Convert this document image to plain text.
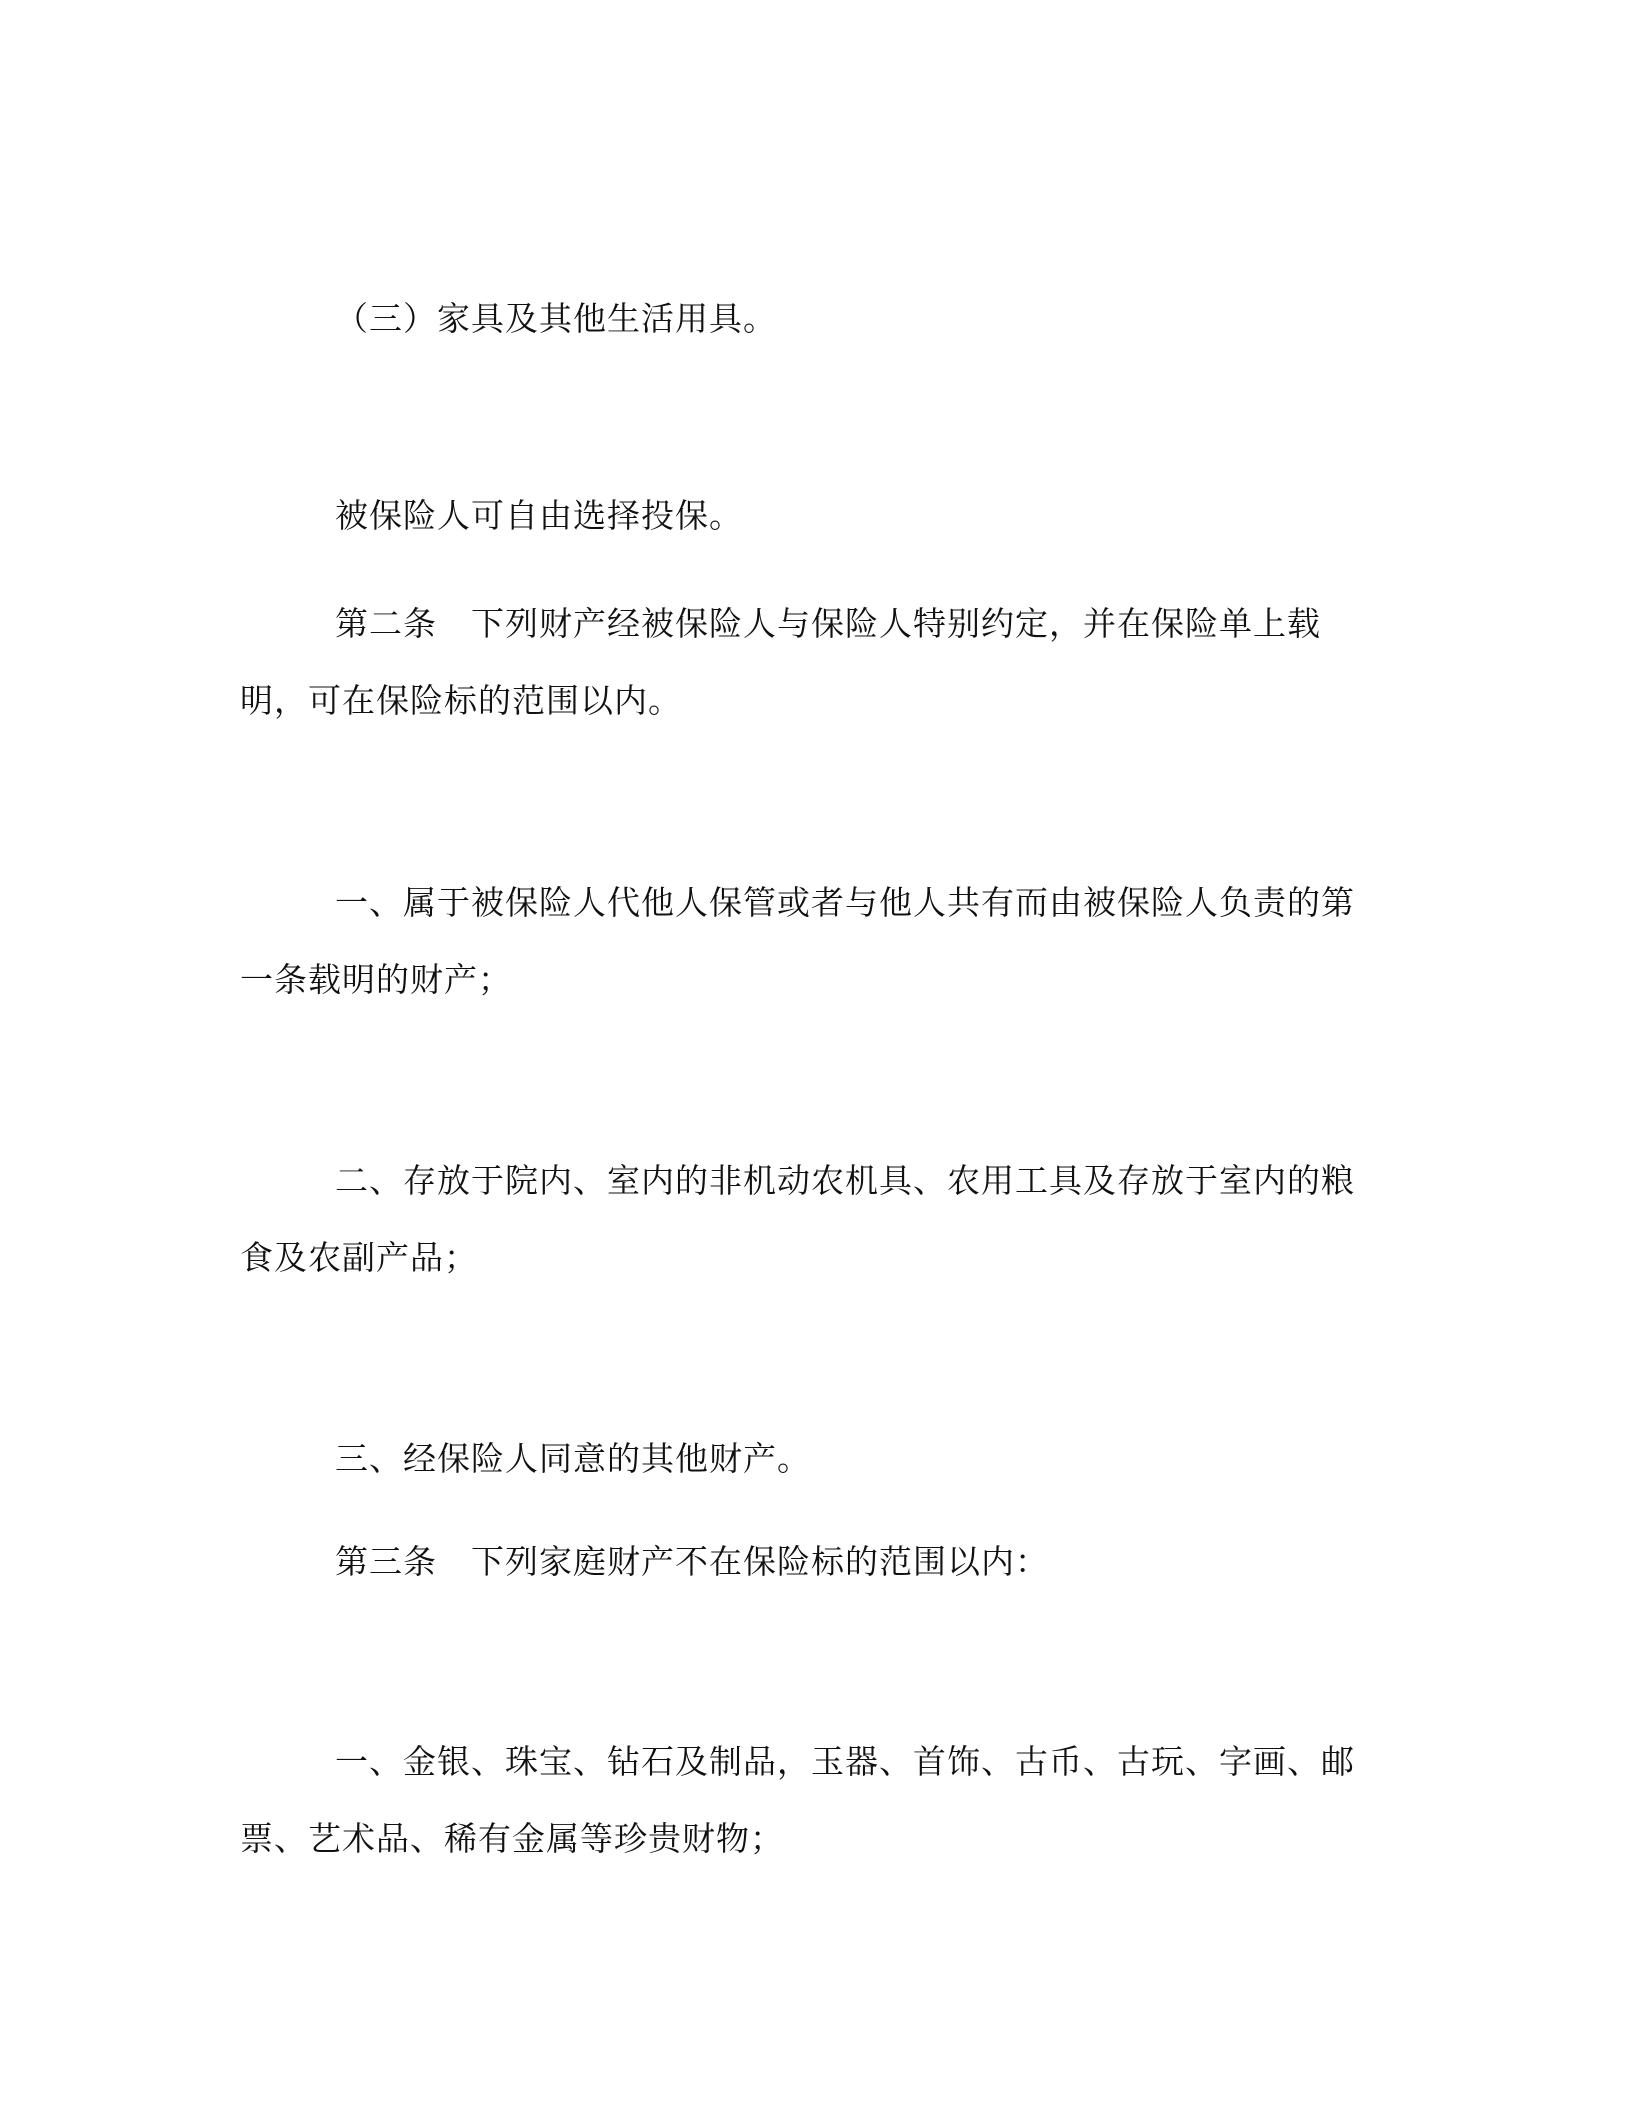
（三）家具及其他生活用具。

被保险人可自由选择投保。

第二条　下列财产经被保险人与保险人特别约定，并在保险单上载明，可在保险标的范围以内。

一、属于被保险人代他人保管或者与他人共有而由被保险人负责的第一条载明的财产；

二、存放于院内、室内的非机动农机具、农用工具及存放于室内的粮食及农副产品；

三、经保险人同意的其他财产。

第三条　下列家庭财产不在保险标的范围以内：

一、金银、珠宝、钻石及制品，玉器、首饰、古币、古玩、字画、邮票、艺术品、稀有金属等珍贵财物；
